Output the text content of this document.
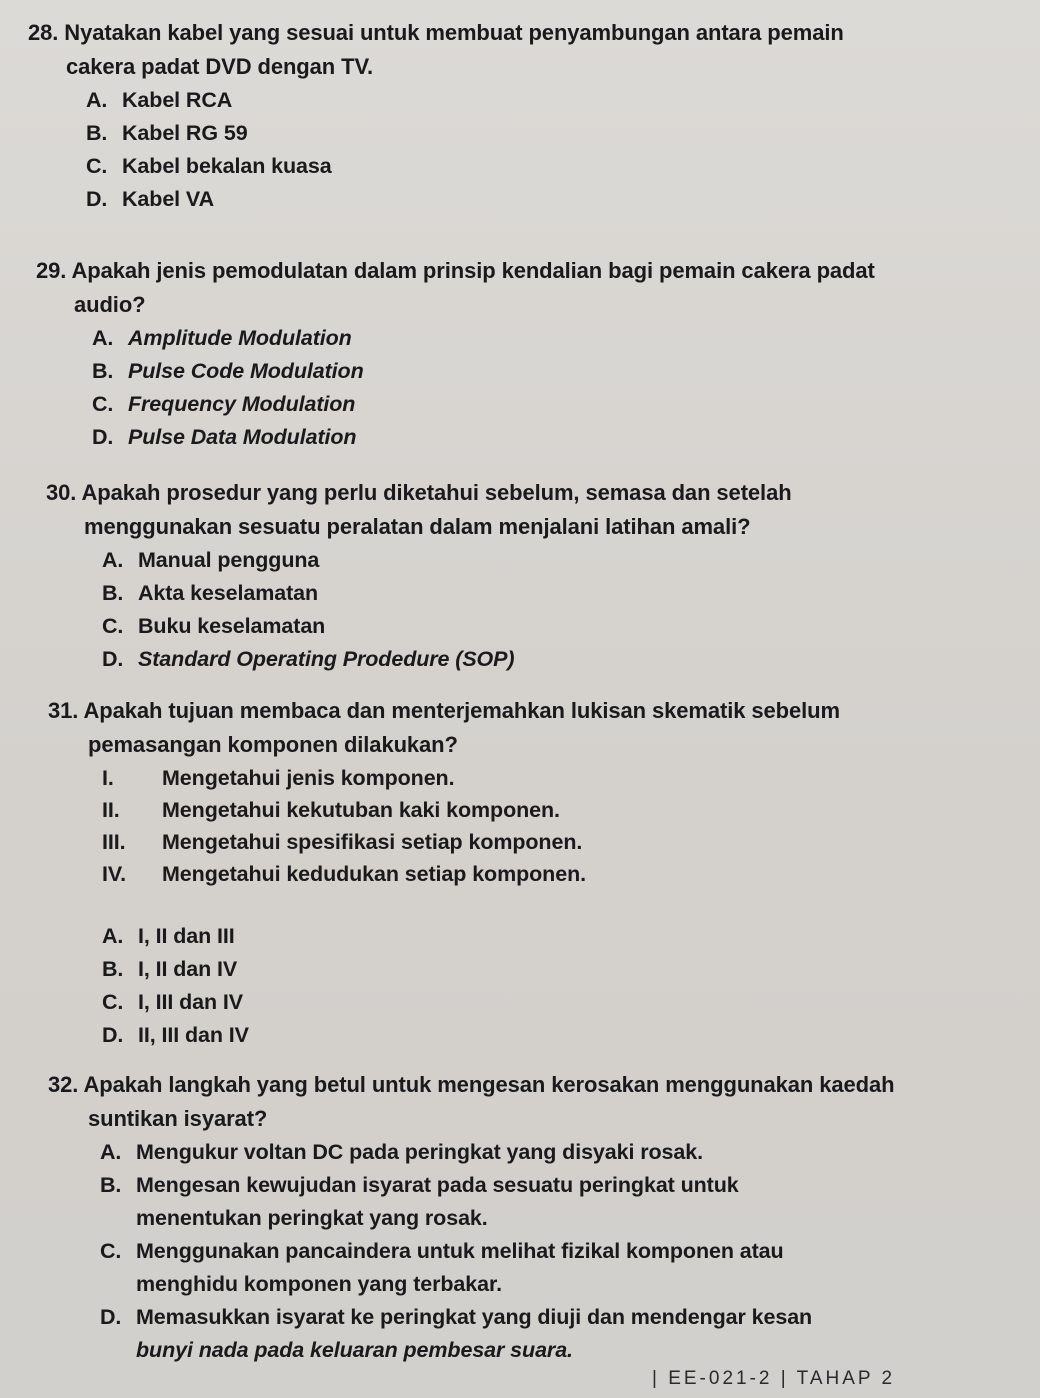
28. Nyatakan kabel yang sesuai untuk membuat penyambungan antara pemain
cakera padat DVD dengan TV.
A. Kabel RCA
B. Kabel RG 59
C. Kabel bekalan kuasa
D. Kabel VA
29. Apakah jenis pemodulatan dalam prinsip kendalian bagi pemain cakera padat
audio?
A. Amplitude Modulation
B. Pulse Code Modulation
C. Frequency Modulation
D. Pulse Data Modulation
30. Apakah prosedur yang perlu diketahui sebelum, semasa dan setelah
menggunakan sesuatu peralatan dalam menjalani latihan amali?
A. Manual pengguna
B. Akta keselamatan
C. Buku keselamatan
D. Standard Operating Prodedure (SOP)
31. Apakah tujuan membaca dan menterjemahkan lukisan skematik sebelum
pemasangan komponen dilakukan?
I. Mengetahui jenis komponen.
II. Mengetahui kekutuban kaki komponen.
III. Mengetahui spesifikasi setiap komponen.
IV. Mengetahui kedudukan setiap komponen.
A. I, II dan III
B. I, II dan IV
C. I, III dan IV
D. II, III dan IV
32. Apakah langkah yang betul untuk mengesan kerosakan menggunakan kaedah
suntikan isyarat?
A. Mengukur voltan DC pada peringkat yang disyaki rosak.
B. Mengesan kewujudan isyarat pada sesuatu peringkat untuk
menentukan peringkat yang rosak.
C. Menggunakan pancaindera untuk melihat fizikal komponen atau
menghidu komponen yang terbakar.
D. Memasukkan isyarat ke peringkat yang diuji dan mendengar kesan
bunyi nada pada keluaran pembesar suara.
| EE-021-2 | TAHAP 2
